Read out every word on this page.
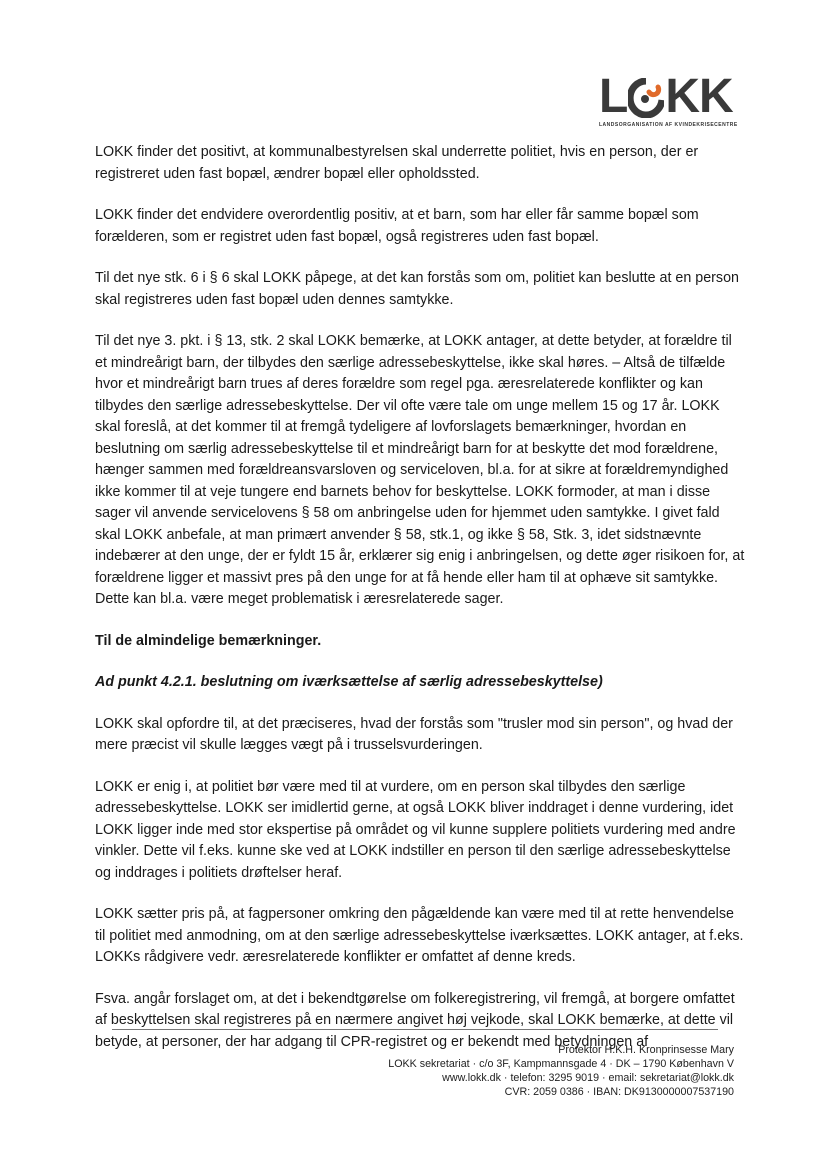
L KK
LANDSORGANISATION AF KVINDEKRISECENTRE

LOKK finder det positivt, at kommunalbestyrelsen skal underrette politiet, hvis en person, der er registreret uden fast bopæl, ændrer bopæl eller opholdssted.

LOKK finder det endvidere overordentlig positiv, at et barn, som har eller får samme bopæl som forælderen, som er registret uden fast bopæl, også registreres uden fast bopæl.

Til det nye stk. 6 i § 6 skal LOKK påpege, at det kan forstås som om, politiet kan beslutte at en person skal registreres uden fast bopæl uden dennes samtykke.

Til det nye 3. pkt. i § 13, stk. 2 skal LOKK bemærke, at LOKK antager, at dette betyder, at forældre til et mindreårigt barn, der tilbydes den særlige adressebeskyttelse, ikke skal høres. – Altså de tilfælde hvor et mindreårigt barn trues af deres forældre som regel pga. æresrelaterede konflikter og kan tilbydes den særlige adressebeskyttelse. Der vil ofte være tale om unge mellem 15 og 17 år. LOKK skal foreslå, at det kommer til at fremgå tydeligere af lovforslagets bemærkninger, hvordan en beslutning om særlig adressebeskyttelse til et mindreårigt barn for at beskytte det mod forældrene, hænger sammen med forældreansvarsloven og serviceloven, bl.a. for at sikre at forældremyndighed ikke kommer til at veje tungere end barnets behov for beskyttelse. LOKK formoder, at man i disse sager vil anvende servicelovens § 58 om anbringelse uden for hjemmet uden samtykke. I givet fald skal LOKK anbefale, at man primært anvender § 58, stk.1, og ikke § 58, Stk. 3, idet sidstnævnte indebærer at den unge, der er fyldt 15 år, erklærer sig enig i anbringelsen, og dette øger risikoen for, at forældrene ligger et massivt pres på den unge for at få hende eller ham til at ophæve sit samtykke. Dette kan bl.a. være meget problematisk i æresrelaterede sager.

Til de almindelige bemærkninger.

Ad punkt 4.2.1. beslutning om iværksættelse af særlig adressebeskyttelse)

LOKK skal opfordre til, at det præciseres, hvad der forstås som "trusler mod sin person", og hvad der mere præcist vil skulle lægges vægt på i trusselsvurderingen.

LOKK er enig i, at politiet bør være med til at vurdere, om en person skal tilbydes den særlige adressebeskyttelse. LOKK ser imidlertid gerne, at også LOKK bliver inddraget i denne vurdering, idet LOKK ligger inde med stor ekspertise på området og vil kunne supplere politiets vurdering med andre vinkler. Dette vil f.eks. kunne ske ved at LOKK indstiller en person til den særlige adressebeskyttelse og inddrages i politiets drøftelser heraf.

LOKK sætter pris på, at fagpersoner omkring den pågældende kan være med til at rette henvendelse til politiet med anmodning, om at den særlige adressebeskyttelse iværksættes. LOKK antager, at f.eks. LOKKs rådgivere vedr. æresrelaterede konflikter er omfattet af denne kreds.

Fsva. angår forslaget om, at det i bekendtgørelse om folkeregistrering, vil fremgå, at borgere omfattet af beskyttelsen skal registreres på en nærmere angivet høj vejkode, skal LOKK bemærke, at dette vil betyde, at personer, der har adgang til CPR-registret og er bekendt med betydningen af

Protektor H.K.H. Kronprinsesse Mary
LOKK sekretariat · c/o 3F, Kampmannsgade 4 · DK – 1790 København V
www.lokk.dk · telefon: 3295 9019 · email: sekretariat@lokk.dk
CVR: 2059 0386 · IBAN: DK9130000007537190
